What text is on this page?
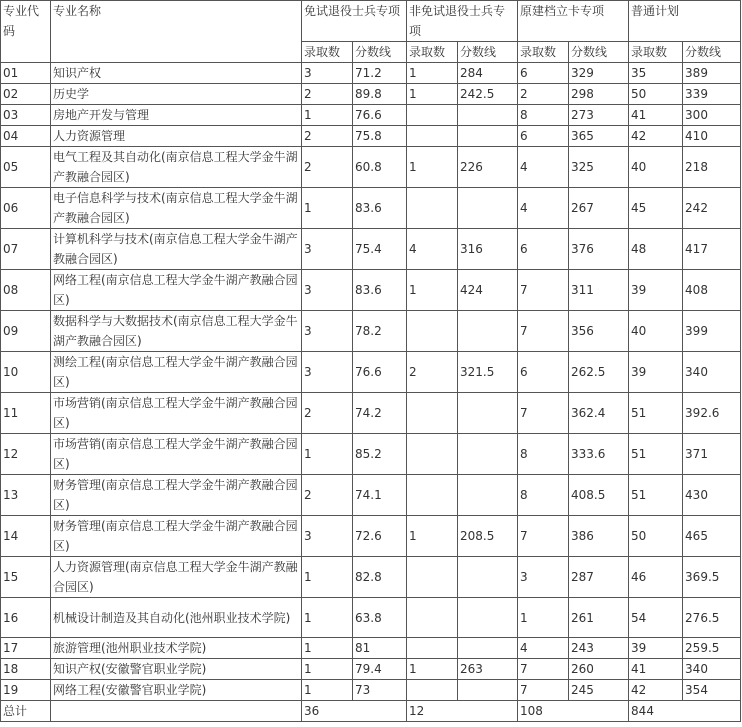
专业代码	专业名称	免试退役士兵专项		非免试退役士兵专项		原建档立卡专项		普通计划	
		录取数	分数线	录取数	分数线	录取数	分数线	录取数	分数线
01	知识产权	3	71.2	1	284	6	329	35	389
02	历史学	2	89.8	1	242.5	2	298	50	339
03	房地产开发与管理	1	76.6			8	273	41	300
04	人力资源管理	2	75.8			6	365	42	410
05	电气工程及其自动化(南京信息工程大学金牛湖产教融合园区)	2	60.8	1	226	4	325	40	218
06	电子信息科学与技术(南京信息工程大学金牛湖产教融合园区)	1	83.6			4	267	45	242
07	计算机科学与技术(南京信息工程大学金牛湖产教融合园区)	3	75.4	4	316	6	376	48	417
08	网络工程(南京信息工程大学金牛湖产教融合园区)	3	83.6	1	424	7	311	39	408
09	数据科学与大数据技术(南京信息工程大学金牛湖产教融合园区)	3	78.2			7	356	40	399
10	测绘工程(南京信息工程大学金牛湖产教融合园区)	3	76.6	2	321.5	6	262.5	39	340
11	市场营销(南京信息工程大学金牛湖产教融合园区)	2	74.2			7	362.4	51	392.6
12	市场营销(南京信息工程大学金牛湖产教融合园区)	1	85.2			8	333.6	51	371
13	财务管理(南京信息工程大学金牛湖产教融合园区)	2	74.1			8	408.5	51	430
14	财务管理(南京信息工程大学金牛湖产教融合园区)	3	72.6	1	208.5	7	386	50	465
15	人力资源管理(南京信息工程大学金牛湖产教融合园区)	1	82.8			3	287	46	369.5
16	机械设计制造及其自动化(池州职业技术学院)	1	63.8			1	261	54	276.5
17	旅游管理(池州职业技术学院)	1	81			4	243	39	259.5
18	知识产权(安徽警官职业学院)	1	79.4	1	263	7	260	41	340
19	网络工程(安徽警官职业学院)	1	73			7	245	42	354
总计		36		12		108		844	
